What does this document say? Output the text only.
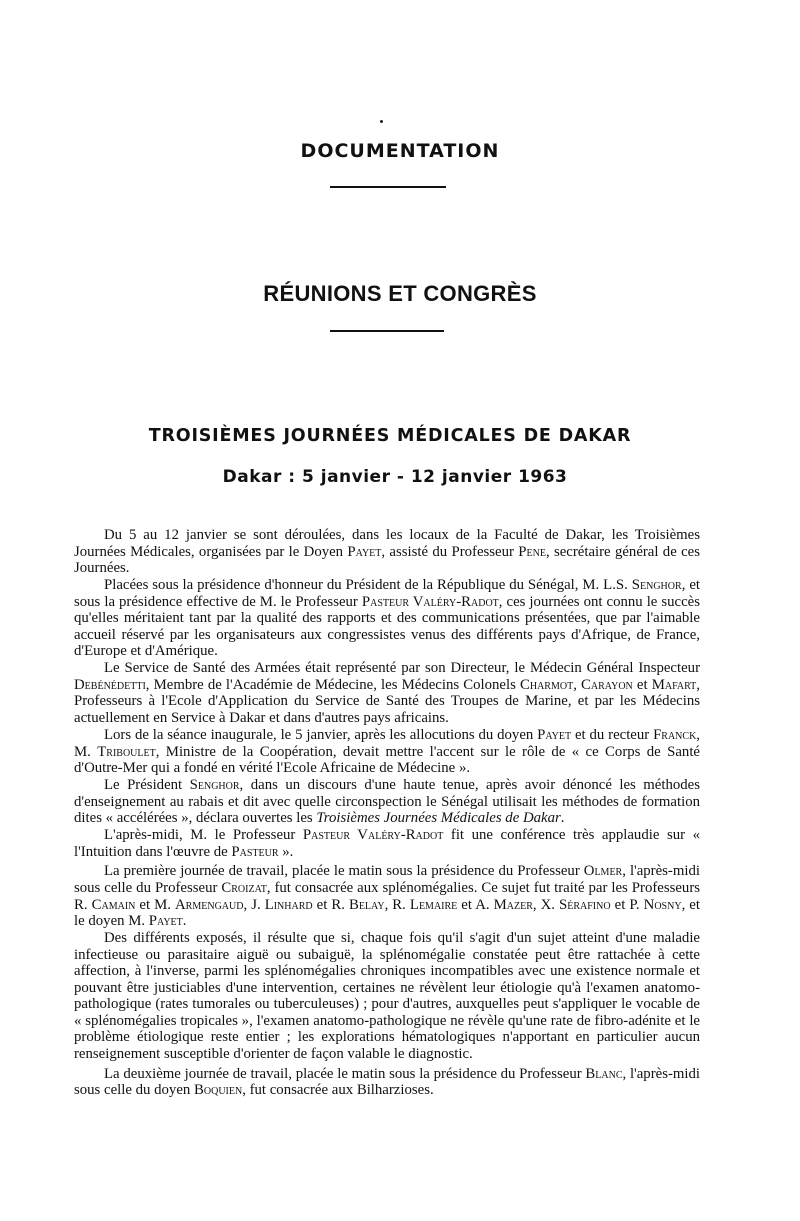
DOCUMENTATION
RÉUNIONS ET CONGRÈS
TROISIÈMES JOURNÉES MÉDICALES DE DAKAR
Dakar : 5 janvier - 12 janvier 1963

Du 5 au 12 janvier se sont déroulées, dans les locaux de la Faculté de Dakar, les Troisièmes Journées Médicales, organisées par le Doyen Payet, assisté du Professeur Pene, secrétaire général de ces Journées.

Placées sous la présidence d'honneur du Président de la République du Sénégal, M. L.S. Senghor, et sous la présidence effective de M. le Professeur Pasteur Valéry-Radot, ces journées ont connu le succès qu'elles méritaient tant par la qualité des rapports et des communications présentées, que par l'aimable accueil réservé par les organisateurs aux congressistes venus des différents pays d'Afrique, de France, d'Europe et d'Amérique.

Le Service de Santé des Armées était représenté par son Directeur, le Médecin Général Inspecteur Debénédetti, Membre de l'Académie de Médecine, les Médecins Colonels Charmot, Carayon et Mafart, Professeurs à l'Ecole d'Application du Service de Santé des Troupes de Marine, et par les Médecins actuellement en Service à Dakar et dans d'autres pays africains.

Lors de la séance inaugurale, le 5 janvier, après les allocutions du doyen Payet et du recteur Franck, M. Triboulet, Ministre de la Coopération, devait mettre l'accent sur le rôle de « ce Corps de Santé d'Outre-Mer qui a fondé en vérité l'Ecole Africaine de Médecine ».

Le Président Senghor, dans un discours d'une haute tenue, après avoir dénoncé les méthodes d'enseignement au rabais et dit avec quelle circonspection le Sénégal utilisait les méthodes de formation dites « accélérées », déclara ouvertes les Troisièmes Journées Médicales de Dakar.

L'après-midi, M. le Professeur Pasteur Valéry-Radot fit une conférence très applaudie sur « l'Intuition dans l'œuvre de Pasteur ».

La première journée de travail, placée le matin sous la présidence du Professeur Olmer, l'après-midi sous celle du Professeur Croizat, fut consacrée aux splénomégalies. Ce sujet fut traité par les Professeurs R. Camain et M. Armengaud, J. Linhard et R. Belay, R. Lemaire et A. Mazer, X. Sérafino et P. Nosny, et le doyen M. Payet.

Des différents exposés, il résulte que si, chaque fois qu'il s'agit d'un sujet atteint d'une maladie infectieuse ou parasitaire aiguë ou subaiguë, la splénomégalie constatée peut être rattachée à cette affection, à l'inverse, parmi les splénomégalies chroniques incompatibles avec une existence normale et pouvant être justiciables d'une intervention, certaines ne révèlent leur étiologie qu'à l'examen anatomo-pathologique (rates tumorales ou tuberculeuses) ; pour d'autres, auxquelles peut s'appliquer le vocable de « splénomégalies tropicales », l'examen anatomo-pathologique ne révèle qu'une rate de fibro-adénite et le problème étiologique reste entier ; les explorations hématologiques n'apportant en particulier aucun renseignement susceptible d'orienter de façon valable le diagnostic.

La deuxième journée de travail, placée le matin sous la présidence du Professeur Blanc, l'après-midi sous celle du doyen Boquien, fut consacrée aux Bilharzioses.
